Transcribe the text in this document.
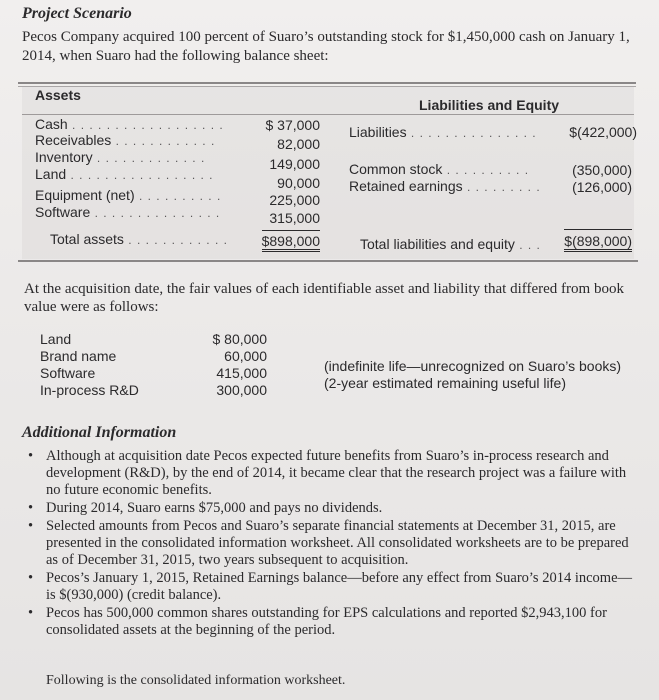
Project Scenario
Pecos Company acquired 100 percent of Suaro’s outstanding stock for $1,450,000 cash on January 1, 2014, when Suaro had the following balance sheet:
Assets
Liabilities and Equity
Cash . . . . . . . . . . . . . . . . . .	$ 37,000
Receivables . . . . . . . . . . . .	82,000
Inventory . . . . . . . . . . . . .	149,000
Land . . . . . . . . . . . . . . . . .	90,000
Equipment (net) . . . . . . . . . .	225,000
Software . . . . . . . . . . . . . . .	315,000
Total assets . . . . . . . . . . . .	$898,000
Liabilities . . . . . . . . . . . . . . .	$(422,000)
Common stock . . . . . . . . . .	(350,000)
Retained earnings . . . . . . . . .	(126,000)
Total liabilities and equity . . .	$(898,000)
At the acquisition date, the fair values of each identifiable asset and liability that differed from book value were as follows:
Land	$ 80,000
Brand name	60,000
(indefinite life—unrecognized on Suaro’s books)
Software	415,000
(2-year estimated remaining useful life)
In-process R&D	300,000
Additional Information
• Although at acquisition date Pecos expected future benefits from Suaro’s in-process research and development (R&D), by the end of 2014, it became clear that the research project was a failure with no future economic benefits.
• During 2014, Suaro earns $75,000 and pays no dividends.
• Selected amounts from Pecos and Suaro’s separate financial statements at December 31, 2015, are presented in the consolidated information worksheet. All consolidated worksheets are to be prepared as of December 31, 2015, two years subsequent to acquisition.
• Pecos’s January 1, 2015, Retained Earnings balance—before any effect from Suaro’s 2014 income—is $(930,000) (credit balance).
• Pecos has 500,000 common shares outstanding for EPS calculations and reported $2,943,100 for consolidated assets at the beginning of the period.
Following is the consolidated information worksheet.
